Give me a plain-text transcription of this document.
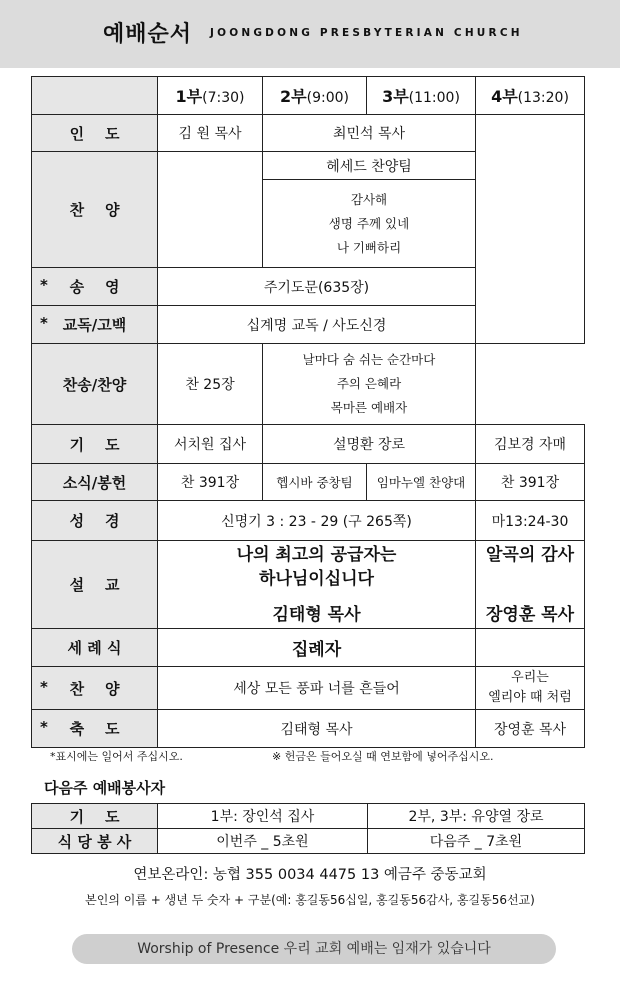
예배순서 JOONGDONG PRESBYTERIAN CHURCH
	1부(7:30)	2부(9:00)	3부(11:00)	4부(13:20)
인    도	김 원 목사	최민석 목사		

찬    양		헤세드 찬양팀		
		감사해
생명 주께 있네
나 기뻐하리		

* 송    영	주기도문(635장)			

* 교독/고백	십계명 교독 / 사도신경			
찬송/찬양	찬 25장	날마다 숨 쉬는 순간마다
주의 은혜라
목마른 예배자		
기    도	서치원 집사	설명환 장로		김보경 자매
소식/봉헌	찬 391장	헵시바 중창팀	임마누엘 찬양대	찬 391장
성    경	신명기 3 : 23 - 29 (구 265쪽)			마13:24-30
설    교	나의 최고의 공급자는
하나님이십니다

김태형 목사			알곡의 감사

장영훈 목사
세 례 식	집례자			

* 찬    양	세상 모든 풍파 너를 흔들어			우리는
엘리야 때 처럼

* 축    도	김태형 목사			장영훈 목사
*표시에는 일어서 주십시오.	※ 헌금은 들어오실 때 연보함에 넣어주십시오.
다음주 예배봉사자
기    도	1부: 장인석 집사	2부, 3부: 유양열 장로
식 당 봉 사	이번주 _ 5초원	다음주 _ 7초원
연보온라인: 농협 355 0034 4475 13 예금주 중동교회
본인의 이름 + 생년 두 숫자 + 구분(예: 홍길동56십일, 홍길동56감사, 홍길동56선교)
Worship of Presence 우리 교회 예배는 임재가 있습니다
